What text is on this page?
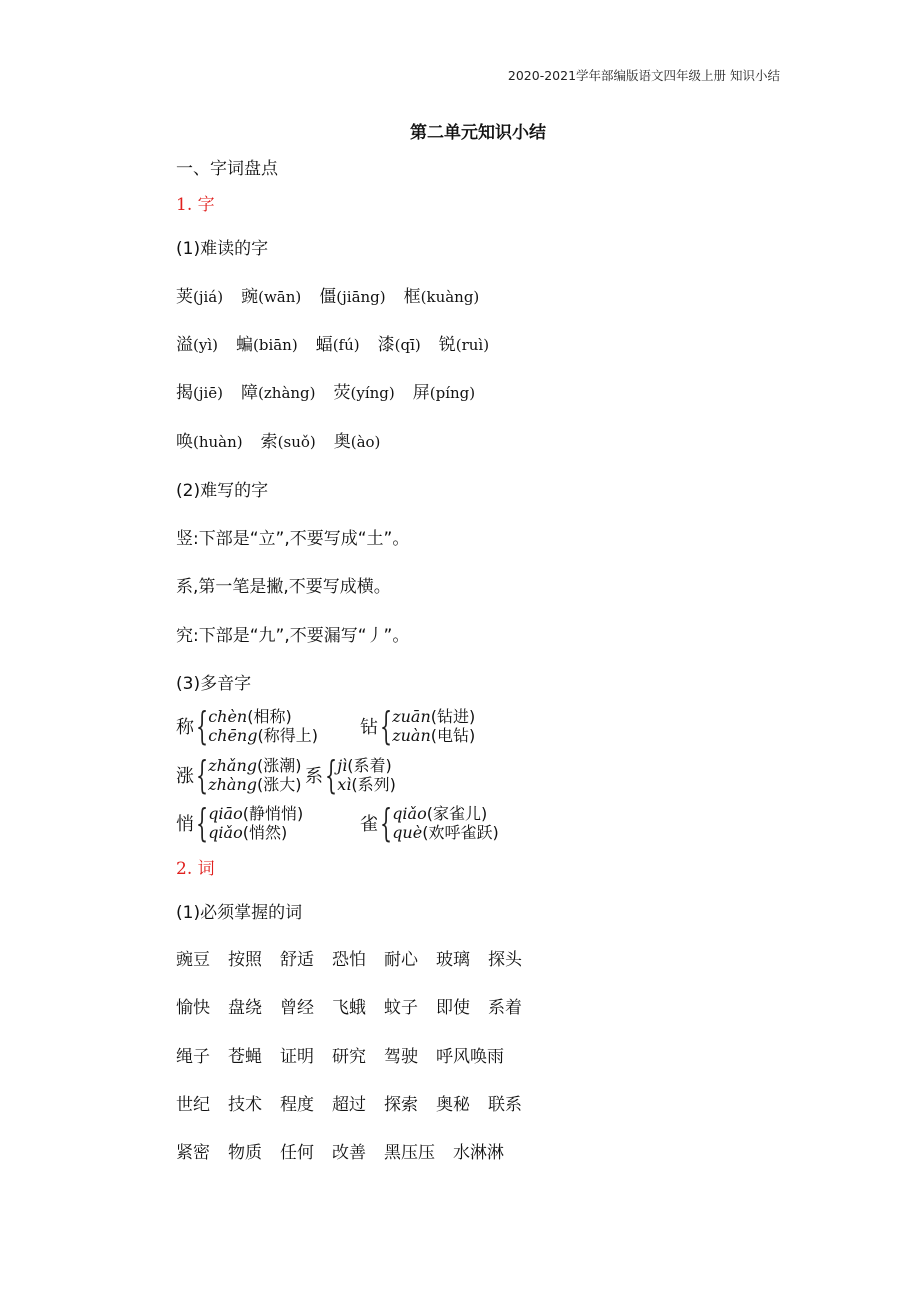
2020-2021学年部编版语文四年级上册 知识小结
第二单元知识小结
一、字词盘点
1. 字
(1)难读的字
荚(jiá) 豌(wān) 僵(jiāng) 框(kuàng)
溢(yì) 蝙(biān) 蝠(fú) 漆(qī) 锐(ruì)
揭(jiē) 障(zhàng) 荧(yíng) 屏(píng)
唤(huàn) 索(suǒ) 奥(ào)
(2)难写的字
竖:下部是“立”,不要写成“土”。
系,第一笔是撇,不要写成横。
究:下部是“九”,不要漏写“丿”。
(3)多音字
称 { chèn(相称)
chēng(称得上) 钻 { zuān(钻进)
zuàn(电钻)
涨 { zhǎng(涨潮)
zhàng(涨大) 系 { jì(系着)
xì(系列)
悄 { qiāo(静悄悄)
qiǎo(悄然)	雀 { qiǎo(家雀儿)
què(欢呼雀跃)
2. 词
(1)必须掌握的词
豌豆 按照 舒适 恐怕 耐心 玻璃 探头
愉快 盘绕 曾经 飞蛾 蚊子 即使 系着
绳子 苍蝇 证明 研究 驾驶 呼风唤雨
世纪 技术 程度 超过 探索 奥秘 联系
紧密 物质 任何 改善 黑压压 水淋淋
